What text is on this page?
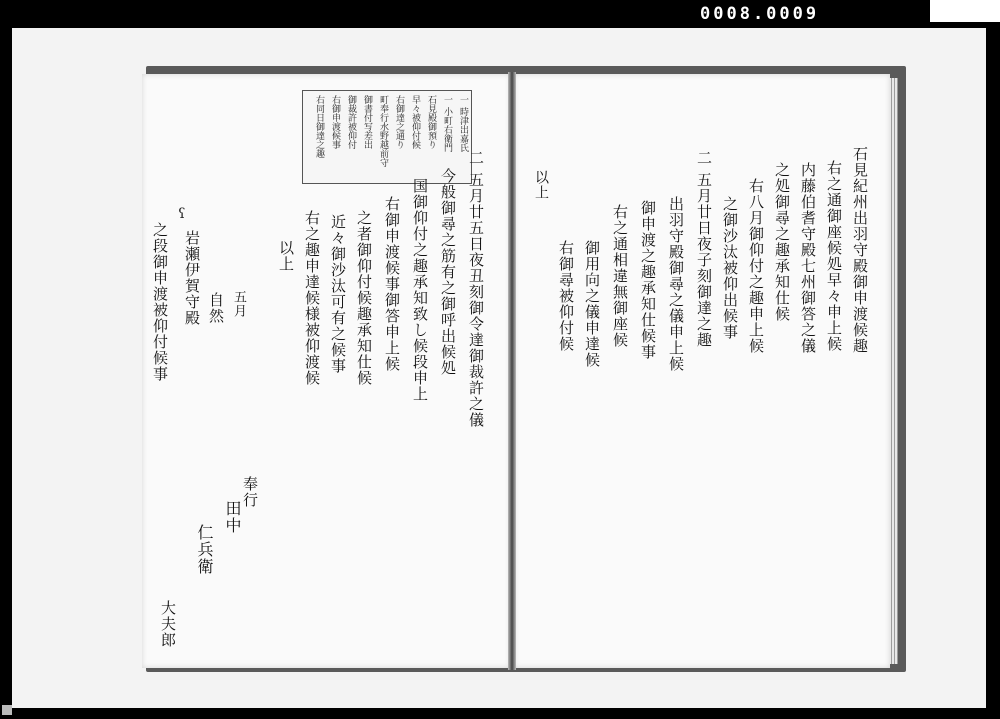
0008.0009
一 時津出嘉氏
一 小町右衛門
石見殿御預り
早々被仰付候
右御達之通り
町奉行水野越前守
御書付写差出
御裁許被仰付
右御申渡候事
右同日御達之趣
二 五月廿五日夜丑刻御令達御裁許之儀
今般御尋之筋有之御呼出候処
国御仰付之趣承知致し候段申上
右御申渡候事御答申上候
之者御仰付候趣承知仕候
近々御沙汰可有之候事
右之趣申達候様被仰渡候
以上
五月
自然
岩瀬伊賀守殿
之段御申渡被仰付候事
奉行
田中
仁兵衛
大夫郎
ʕ	石見紀州出羽守殿御申渡候趣
右之通御座候処早々申上候
内藤伯耆守殿七州御答之儀
之処御尋之趣承知仕候
右八月御仰付之趣申上候
之御沙汰被仰出候事
二 五月廿日夜子刻御達之趣
出羽守殿御尋之儀申上候
御申渡之趣承知仕候事
右之通相違無御座候
御用向之儀申達候
右御尋被仰付候
以上
